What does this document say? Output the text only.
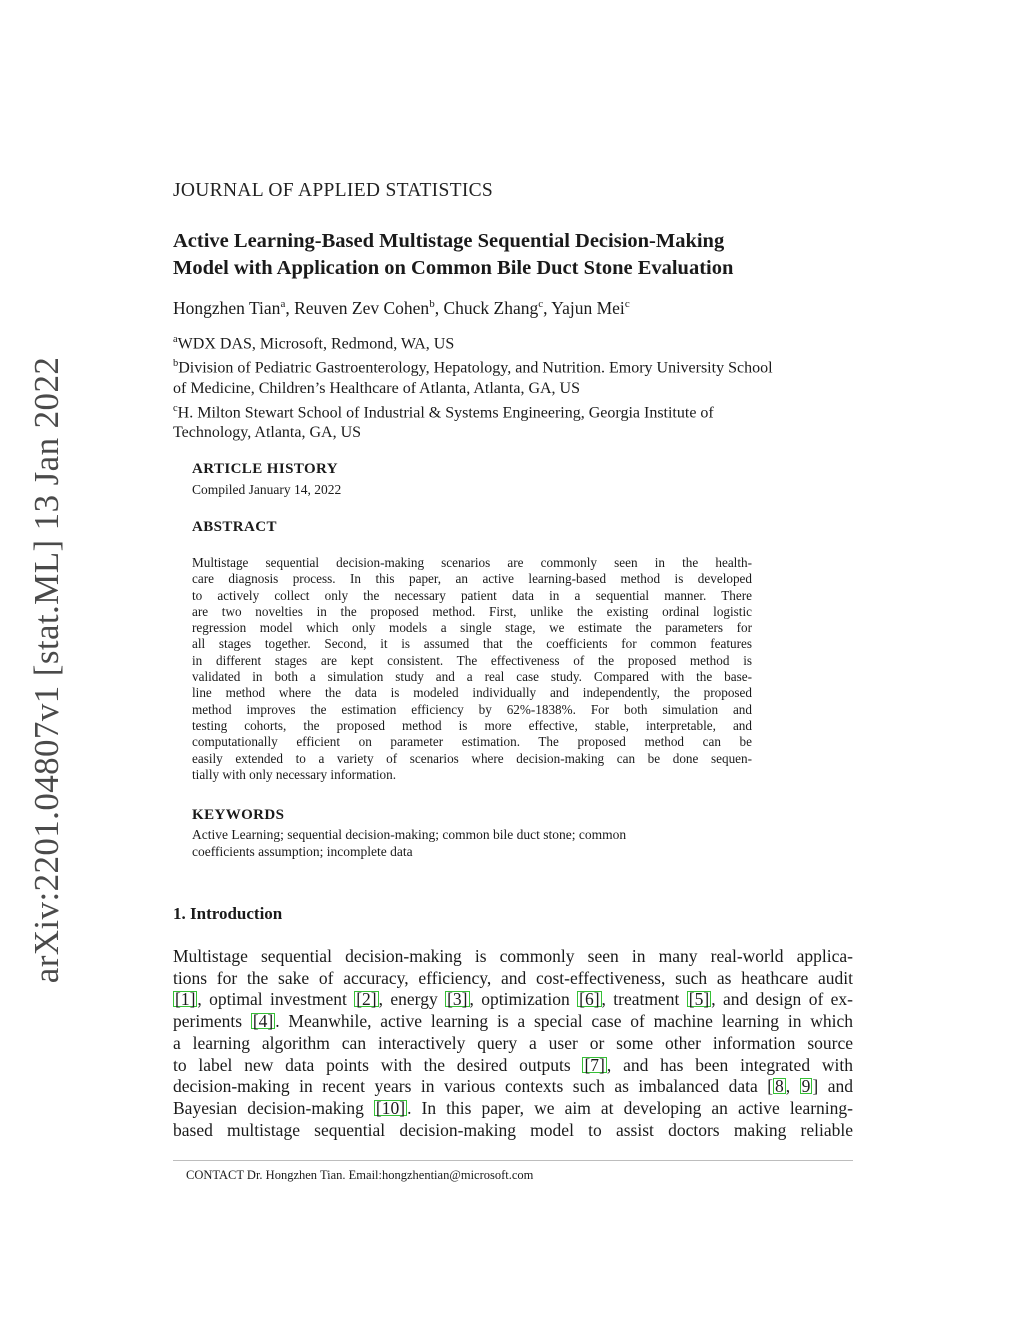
arXiv:2201.04807v1 [stat.ML] 13 Jan 2022
JOURNAL OF APPLIED STATISTICS
Active Learning-Based Multistage Sequential Decision-Making
Model with Application on Common Bile Duct Stone Evaluation
Hongzhen Tian$^a$, Reuven Zev Cohen$^b$, Chuck Zhang$^c$, Yajun Mei$^c$
$^a$WDX DAS, Microsoft, Redmond, WA, US
$^b$Division of Pediatric Gastroenterology, Hepatology, and Nutrition. Emory University School
of Medicine, Children’s Healthcare of Atlanta, Atlanta, GA, US
$^c$H. Milton Stewart School of Industrial & Systems Engineering, Georgia Institute of
Technology, Atlanta, GA, US
ARTICLE HISTORY
Compiled January 14, 2022
ABSTRACT
Multistage sequential decision-making scenarios are commonly seen in the health-
care diagnosis process. In this paper, an active learning-based method is developed
to actively collect only the necessary patient data in a sequential manner. There
are two novelties in the proposed method. First, unlike the existing ordinal logistic
regression model which only models a single stage, we estimate the parameters for
all stages together. Second, it is assumed that the coefficients for common features
in different stages are kept consistent. The effectiveness of the proposed method is
validated in both a simulation study and a real case study. Compared with the base-
line method where the data is modeled individually and independently, the proposed
method improves the estimation efficiency by 62%-1838%. For both simulation and
testing cohorts, the proposed method is more effective, stable, interpretable, and
computationally efficient on parameter estimation. The proposed method can be
easily extended to a variety of scenarios where decision-making can be done sequen-
tially with only necessary information.
KEYWORDS
Active Learning; sequential decision-making; common bile duct stone; common
coefficients assumption; incomplete data
1. Introduction
Multistage sequential decision-making is commonly seen in many real-world applica-
tions for the sake of accuracy, efficiency, and cost-effectiveness, such as heathcare audit
[1] , optimal investment [2] , energy [3] , optimization [6] , treatment [5] , and design of ex-
periments [4] . Meanwhile, active learning is a special case of machine learning in which
a learning algorithm can interactively query a user or some other information source
to label new data points with the desired outputs [7] , and has been integrated with
decision-making in recent years in various contexts such as imbalanced data [ 8 , 9 ] and
Bayesian decision-making [10] . In this paper, we aim at developing an active learning-
based multistage sequential decision-making model to assist doctors making reliable
CONTACT Dr. Hongzhen Tian. Email:hongzhentian@microsoft.com
